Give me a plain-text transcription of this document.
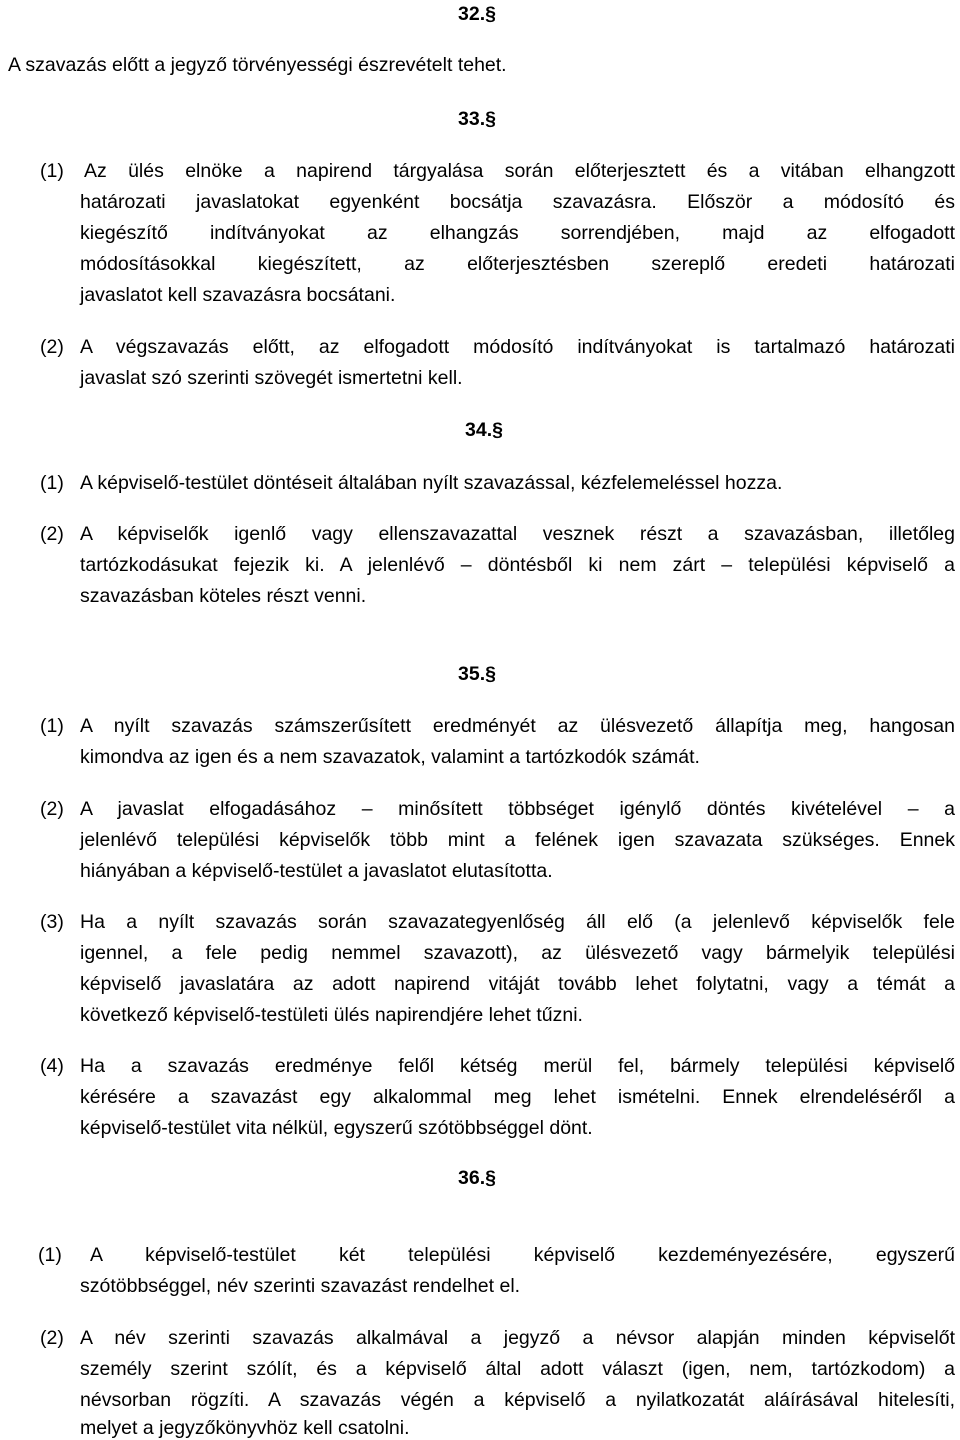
32.§
A szavazás előtt a jegyző törvényességi észrevételt tehet.
33.§
(1) Az ülés elnöke a napirend tárgyalása során előterjesztett és a vitában elhangzott
határozati javaslatokat egyenként bocsátja szavazásra. Először a módosító és
kiegészítő indítványokat az elhangzás sorrendjében, majd az elfogadott
módosításokkal kiegészített, az előterjesztésben szereplő eredeti határozati
javaslatot kell szavazásra bocsátani.
(2) A végszavazás előtt, az elfogadott módosító indítványokat is tartalmazó határozati
javaslat szó szerinti szövegét ismertetni kell.
34.§
(1) A képviselő-testület döntéseit általában nyílt szavazással, kézfelemeléssel hozza.
(2) A képviselők igenlő vagy ellenszavazattal vesznek részt a szavazásban, illetőleg
tartózkodásukat fejezik ki. A jelenlévő – döntésből ki nem zárt – települési képviselő a
szavazásban köteles részt venni.
35.§
(1) A nyílt szavazás számszerűsített eredményét az ülésvezető állapítja meg, hangosan
kimondva az igen és a nem szavazatok, valamint a tartózkodók számát.
(2) A javaslat elfogadásához – minősített többséget igénylő döntés kivételével – a
jelenlévő települési képviselők több mint a felének igen szavazata szükséges. Ennek
hiányában a képviselő-testület a javaslatot elutasította.
(3) Ha a nyílt szavazás során szavazategyenlőség áll elő (a jelenlevő képviselők fele
igennel, a fele pedig nemmel szavazott), az ülésvezető vagy bármelyik települési
képviselő javaslatára az adott napirend vitáját tovább lehet folytatni, vagy a témát a
következő képviselő-testületi ülés napirendjére lehet tűzni.
(4) Ha a szavazás eredménye felől kétség merül fel, bármely települési képviselő
kérésére a szavazást egy alkalommal meg lehet ismételni. Ennek elrendeléséről a
képviselő-testület vita nélkül, egyszerű szótöbbséggel dönt.
36.§
(1) A képviselő-testület két települési képviselő kezdeményezésére, egyszerű
szótöbbséggel, név szerinti szavazást rendelhet el.
(2) A név szerinti szavazás alkalmával a jegyző a névsor alapján minden képviselőt
személy szerint szólít, és a képviselő által adott választ (igen, nem, tartózkodom) a
névsorban rögzíti. A szavazás végén a képviselő a nyilatkozatát aláírásával hitelesíti,
melyet a jegyzőkönyvhöz kell csatolni.
